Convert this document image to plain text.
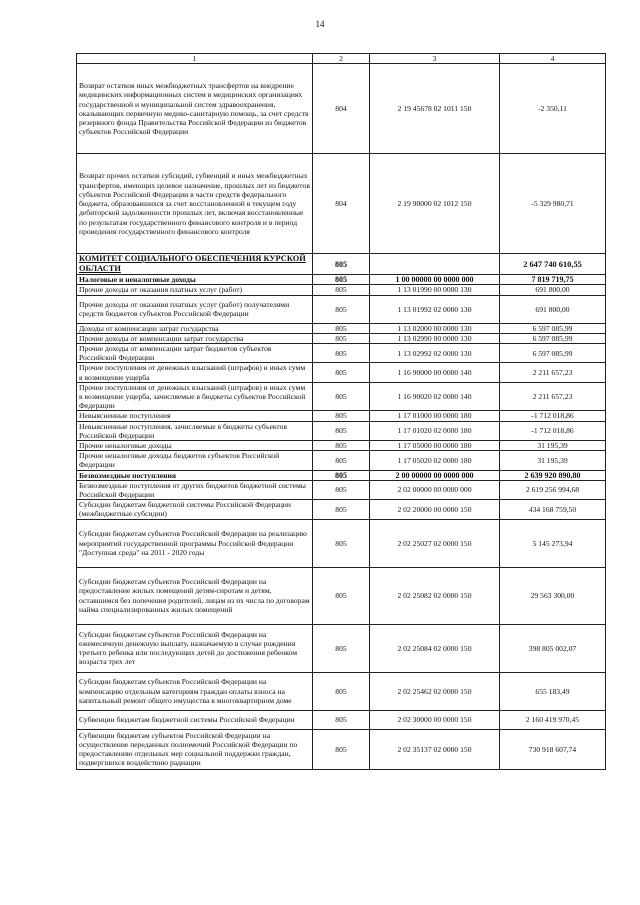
14
1	2	3	4
Возврат остатков иных межбюджетных трансфертов на внедрение медицинских информационных систем в медицинских организациях государственной и муниципальной систем здравоохранения, оказывающих первичную медико-санитарную помощь, за счет средств резервного фонда Правительства Российской Федерации из бюджетов субъектов Российской Федерации	804	2 19 45678 02 1011 150	-2 350,11
Возврат прочих остатков субсидий, субвенций и иных межбюджетных трансфертов, имеющих целевое назначение, прошлых лет из бюджетов субъектов Российской Федерации в части средств федерального бюджета, образовавшихся за счет восстановленной в текущем году дебиторской задолженности прошлых лет, включая восстановленные по результатам государственного финансового контроля и в период проведения государственного финансового контроля	804	2 19 90000 02 1012 150	-5 329 980,71
КОМИТЕТ СОЦИАЛЬНОГО ОБЕСПЕЧЕНИЯ КУРСКОЙ ОБЛАСТИ	805		2 647 740 610,55
Налоговые и неналоговые доходы	805	1 00 00000 00 0000 000	7 819 719,75
Прочие доходы от оказания платных услуг (работ)	805	1 13 01990 00 0000 130	691 800,00
Прочие доходы от оказания платных услуг (работ) получателями средств бюджетов субъектов Российской Федерации	805	1 13 01992 02 0000 130	691 800,00
Доходы от компенсации затрат государства	805	1 13 02000 00 0000 130	6 597 085,99
Прочие доходы от компенсации затрат государства	805	1 13 02990 00 0000 130	6 597 085,99
Прочие доходы от компенсации затрат бюджетов субъектов Российской Федерации	805	1 13 02992 02 0000 130	6 597 085,99
Прочие поступления от денежных взысканий (штрафов) и иных сумм в возмещение ущерба	805	1 16 90000 00 0000 140	2 211 657,23
Прочие поступления от денежных взысканий (штрафов) и иных сумм в возмещение ущерба, зачисляемые в бюджеты субъектов Российской Федерации	805	1 16 90020 02 0000 140	2 211 657,23
Невыясненные поступления	805	1 17 01000 00 0000 180	-1 712 018,86
Невыясненные поступления, зачисляемые в бюджеты субъектов Российской Федерации	805	1 17 01020 02 0000 180	-1 712 018,86
Прочие неналоговые доходы	805	1 17 05000 00 0000 180	31 195,39
Прочие неналоговые доходы бюджетов субъектов Российской Федерации	805	1 17 05020 02 0000 180	31 195,39
Безвозмездные поступления	805	2 00 00000 00 0000 000	2 639 920 890,80
Безвозмездные поступления от других бюджетов бюджетной системы Российской Федерации	805	2 02 00000 00 0000 000	2 619 256 994,68
Субсидии бюджетам бюджетной системы Российской Федерации (межбюджетные субсидии)	805	2 02 20000 00 0000 150	434 168 759,50
Субсидии бюджетам субъектов Российской Федерации на реализацию мероприятий государственной программы Российской Федерации "Доступная среда" на 2011 - 2020 годы	805	2 02 25027 02 0000 150	5 145 273,94
Субсидии бюджетам субъектов Российской Федерации на предоставление жилых помещений детям-сиротам и детям, оставшимся без попечения родителей, лицам из их числа по договорам найма специализированных жилых помещений	805	2 02 25082 02 0000 150	29 563 300,00
Субсидии бюджетам субъектов Российской Федерации на ежемесячную денежную выплату, назначаемую в случае рождения третьего ребенка или последующих детей до достижения ребенком возраста трех лет	805	2 02 25084 02 0000 150	398 805 002,07
Субсидии бюджетам субъектов Российской Федерации на компенсацию отдельным категориям граждан оплаты взноса на капитальный ремонт общего имущества в многоквартирном доме	805	2 02 25462 02 0000 150	655 183,49
Субвенции бюджетам бюджетной системы Российской Федерации	805	2 02 30000 00 0000 150	2 160 419 970,45
Субвенции бюджетам субъектов Российской Федерации на осуществление переданных полномочий Российской Федерации по предоставлению отдельных мер социальной поддержки граждан, подвергшихся воздействию радиации	805	2 02 35137 02 0000 150	730 918 607,74
